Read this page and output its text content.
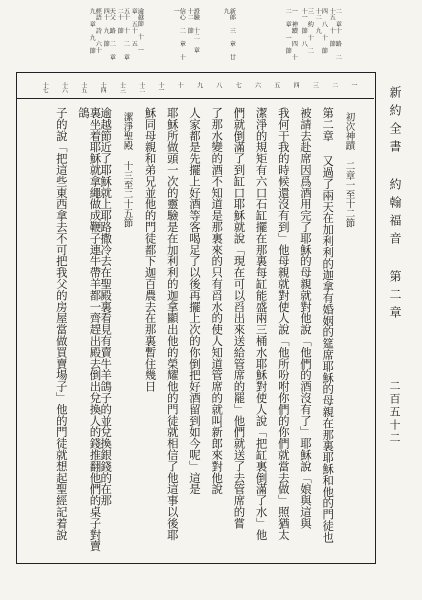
二 章十 路 二十五 十 節
四 八 十 節 十二 九
三 約 十 二 十一 節 八
一 神蹟 四 十二 章 一 節
新郎 三 章 廿九
證驗 十二 章 十二 節
信心 二 章 十一
逾越節 十 一 章 五十 五
五十 十 二 章 二十 節
天父 路 二 章 四十 九 節
經語 詩 六十 九 章 九 節
一
二
三
四
五
六
七
八
九
十
十一
十二
十三
十四
十五
十六
十七
初次神蹟 二章一至十二節
第二章 又過了兩天在加利利的迦拿有婚姻的筵席耶穌的母親在那裏耶穌和他的門徒也
被請去赴席因爲酒用完了耶穌的母親就對他說「他們的酒沒有了」耶穌說「娘與這與
我何干我的時候還沒有到」他母親就對使人說「他所吩咐你們的你們就當去做」照猶太
潔淨的規矩有六口石缸擺在那裏每缸能盛兩三桶水耶穌對使人說「把缸裏倒滿了水」他
們就倒滿了到缸口耶穌就說「現在可以舀出來送給管席的罷」他們就送了去管席的嘗
了那水變的酒不知道是那裏來的只有舀水的使人知道管席的就叫新郎來對他說
人家都是先擺上好酒等客喝足了以後再擺上次的你倒把好酒留到如今呢」這是
耶穌所做頭一次的靈驗是在加利利的迦拿顯出他的榮耀他的門徒就相信了他這事以後耶
穌同母親和弟兄並他的門徒都下迦百農去在那裏暫住幾日
潔淨聖殿 十三至二十五節
逾越節近了耶穌就上耶路撒冷去在聖殿裏看見有賣牛羊鴿子的並兌換銀錢的在那
裏坐着耶穌就拿繩做成鞭子連牛帶羊都一齊趕出殿去倒出兌換人的錢推翻他們的桌子對賣鴿
子的說「把這些東西拿去不可把我父的房屋當做買賣場子」他的門徒就想起聖經記着說	新約全書 約翰福音 第二章
二百五十二
